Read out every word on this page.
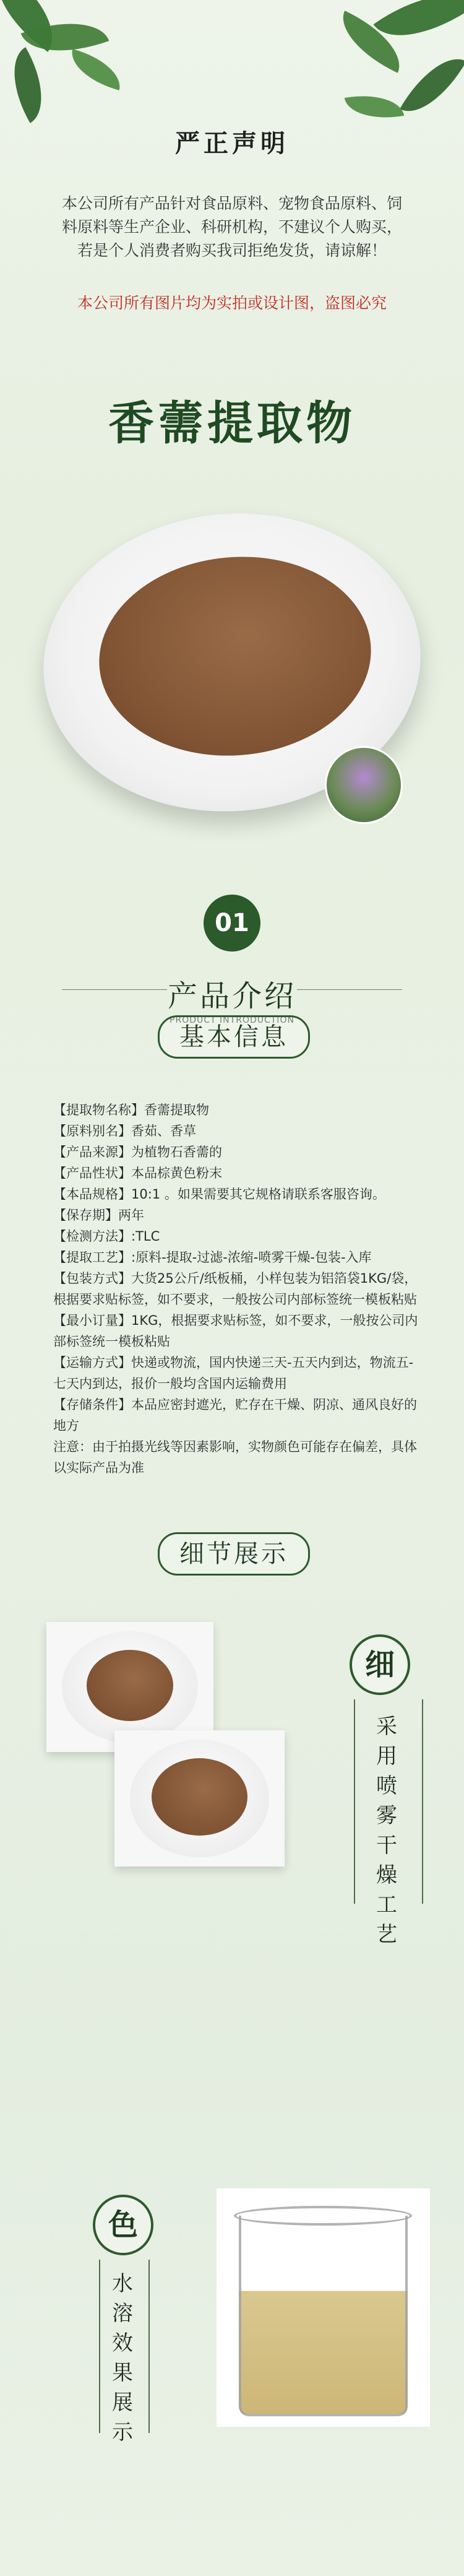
严正声明
本公司所有产品针对食品原料、宠物食品原料、饲料原料等生产企业、科研机构，不建议个人购买，若是个人消费者购买我司拒绝发货，请谅解！
本公司所有图片均为实拍或设计图，盗图必究
香薷提取物
01
产品介绍
PRODUCT INTRODUCTION
基本信息

【提取物名称】香薷提取物

【原料别名】香茹、香草

【产品来源】为植物石香薷的

【产品性状】本品棕黄色粉末

【本品规格】10:1 。如果需要其它规格请联系客服咨询。

【保存期】两年

【检测方法】:TLC

【提取工艺】:原料-提取-过滤-浓缩-喷雾干燥-包装-入库

【包装方式】大货25公斤/纸板桶，小样包装为铝箔袋1KG/袋，根据要求贴标签，如不要求，一般按公司内部标签统一模板粘贴

【最小订量】1KG，根据要求贴标签，如不要求，一般按公司内部标签统一模板粘贴

【运输方式】快递或物流，国内快递三天-五天内到达，物流五-七天内到达，报价一般均含国内运输费用

【存储条件】本品应密封遮光，贮存在干燥、阴凉、通风良好的地方

注意：由于拍摄光线等因素影响，实物颜色可能存在偏差，具体以实际产品为准

细节展示
细
采用喷雾干燥工艺
色
水溶效果展示
